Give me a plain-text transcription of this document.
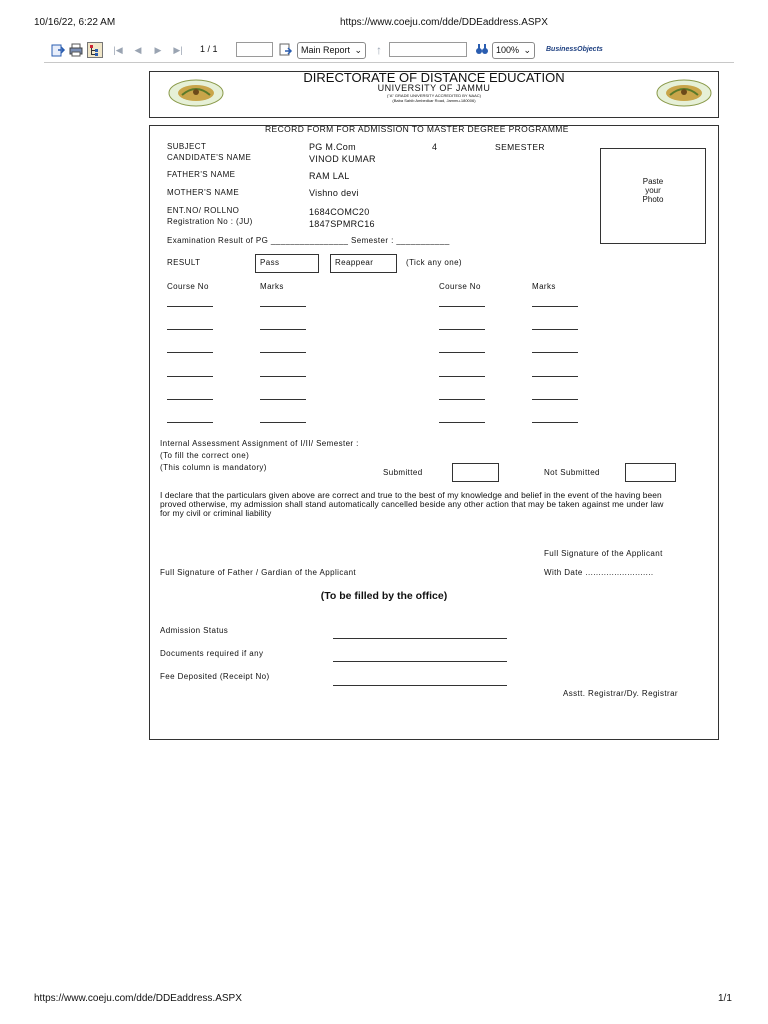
10/16/22, 6:22 AM	https://www.coeju.com/dde/DDEaddress.ASPX
|◀	◀	▶	▶|	1 / 1	Main Report ⌄	↑	100% ⌄ BusinessObjects
DIRECTORATE OF DISTANCE EDUCATION
UNIVERSITY OF JAMMU
("A" GRADE UNIVERSITY ACCREDITED BY NAAC)
(Baba Sahib Ambedkar Road, Jammu-180006)
RECORD FORM FOR ADMISSION TO MASTER DEGREE PROGRAMME
SUBJECT	PG M.Com	4	SEMESTER
CANDIDATE'S NAME	VINOD KUMAR
FATHER'S NAME	RAM LAL
MOTHER'S NAME	Vishno devi
ENT.NO/ ROLLNO	1684COMC20
Registration No : (JU)	1847SPMRC16
Paste
your
Photo
Examination Result of PG ________________ Semester : ___________
RESULT	Pass	Reappear	(Tick any one)
Course No	Marks	Course No	Marks
Internal Assessment Assignment of I/II/ Semester :
(To fill the correct one)
(This column is mandatory)
Submitted	Not Submitted
I declare that the particulars given above are correct and true to the best of my knowledge and belief in the event of the having been proved otherwise, my admission shall stand automatically cancelled beside any other action that may be taken against me under law for my civil or criminal liability
Full Signature of the Applicant
Full Signature of Father / Gardian of the Applicant	With Date ..........................
(To be filled by the office)
Admission Status
Documents required if any
Fee Deposited (Receipt No)
Asstt. Registrar/Dy. Registrar
https://www.coeju.com/dde/DDEaddress.ASPX	1/1
